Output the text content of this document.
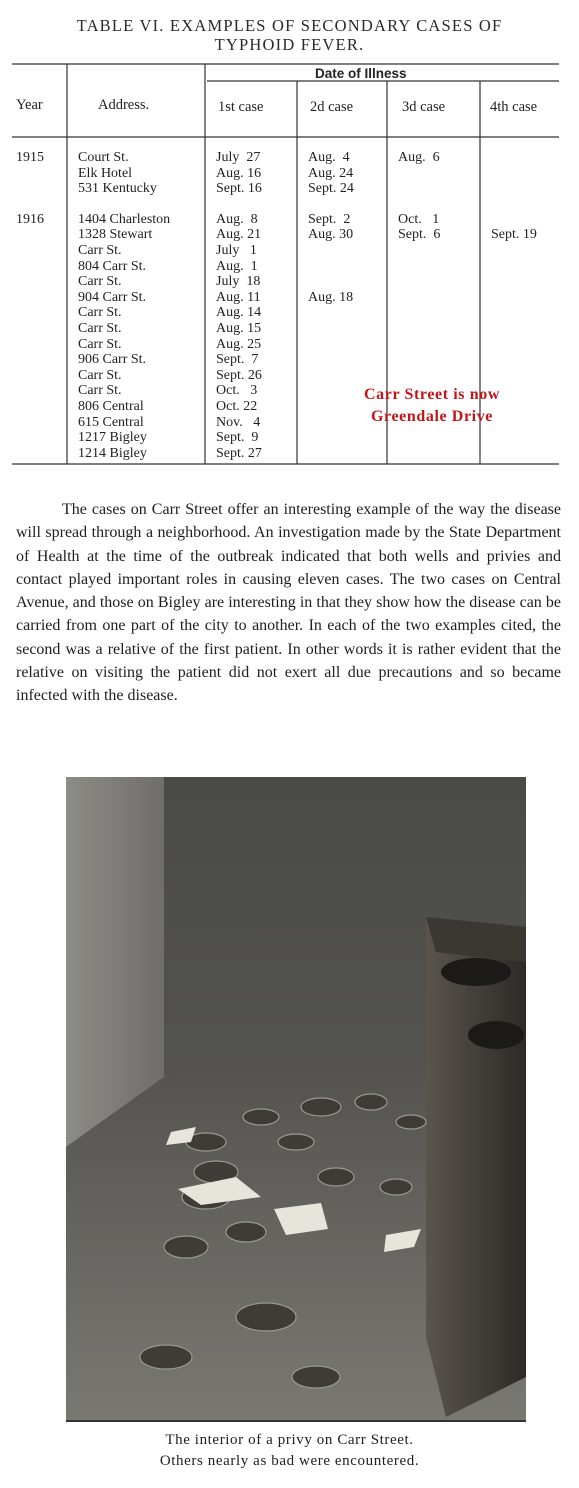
TABLE VI. EXAMPLES OF SECONDARY CASES OF
TYPHOID FEVER.
Date of Illness
Year	Address.	1st case	2d case	3d case	4th case
1915 Court St.	July  27	Aug.  4	Aug.  6
Elk Hotel	Aug. 16	Aug. 24
531 Kentucky	Sept. 16	Sept. 24
1916 1404 Charleston	Aug.  8	Sept.  2	Oct.   1
1328 Stewart	Aug. 21	Aug. 30	Sept.  6	Sept. 19
Carr St.	July   1
804 Carr St.	Aug.  1
Carr St.	July  18
904 Carr St.	Aug. 11	Aug. 18
Carr St.	Aug. 14
Carr St.	Aug. 15
Carr St.	Aug. 25
906 Carr St.	Sept.  7
Carr St.	Sept. 26
Carr St.	Oct.   3
806 Central	Oct. 22
615 Central	Nov.   4
1217 Bigley	Sept.  9
1214 Bigley	Sept. 27
Carr Street is now
Greendale Drive
The cases on Carr Street offer an interesting example of the way the disease will spread through a neighborhood. An investigation made by the State Department of Health at the time of the outbreak indicated that both wells and privies and contact played important roles in causing eleven cases. The two cases on Central Avenue, and those on Bigley are interesting in that they show how the disease can be carried from one part of the city to another. In each of the two examples cited, the second was a relative of the first patient. In other words it is rather evident that the relative on visiting the patient did not exert all due precautions and so became infected with the disease.
The interior of a privy on Carr Street.
Others nearly as bad were encountered.
